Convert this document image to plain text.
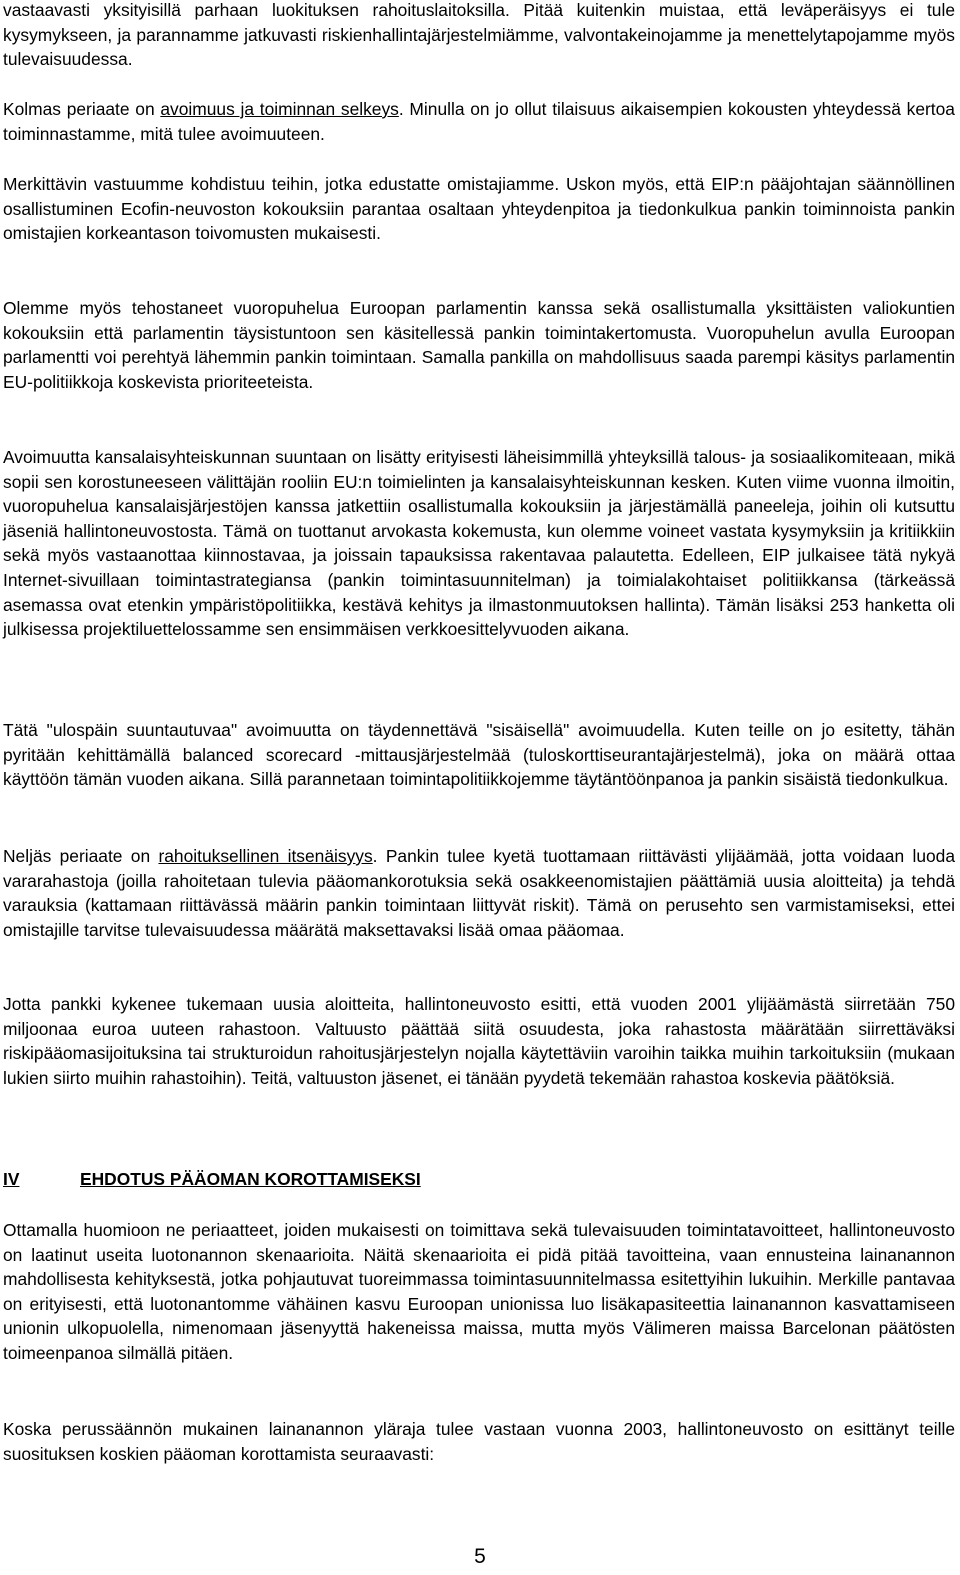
vastaavasti yksityisillä parhaan luokituksen rahoituslaitoksilla. Pitää kuitenkin muistaa, että leväperäisyys ei tule kysymykseen, ja parannamme jatkuvasti riskienhallintajärjestelmiämme, valvontakeinojamme ja menettelytapojamme myös tulevaisuudessa.

Kolmas periaate on avoimuus ja toiminnan selkeys. Minulla on jo ollut tilaisuus aikaisempien kokousten yhteydessä kertoa toiminnastamme, mitä tulee avoimuuteen.

Merkittävin vastuumme kohdistuu teihin, jotka edustatte omistajiamme. Uskon myös, että EIP:n pääjohtajan säännöllinen osallistuminen Ecofin-neuvoston kokouksiin parantaa osaltaan yhteydenpitoa ja tiedonkulkua pankin toiminnoista pankin omistajien korkeantason toivomusten mukaisesti.

Olemme myös tehostaneet vuoropuhelua Euroopan parlamentin kanssa sekä osallistumalla yksittäisten valiokuntien kokouksiin että parlamentin täysistuntoon sen käsitellessä pankin toimintakertomusta. Vuoropuhelun avulla Euroopan parlamentti voi perehtyä lähemmin pankin toimintaan. Samalla pankilla on mahdollisuus saada parempi käsitys parlamentin EU-politiikkoja koskevista prioriteeteista.

Avoimuutta kansalaisyhteiskunnan suuntaan on lisätty erityisesti läheisimmillä yhteyksillä talous- ja sosiaalikomiteaan, mikä sopii sen korostuneeseen välittäjän rooliin EU:n toimielinten ja kansalaisyhteiskunnan kesken. Kuten viime vuonna ilmoitin, vuoropuhelua kansalaisjärjestöjen kanssa jatkettiin osallistumalla kokouksiin ja järjestämällä paneeleja, joihin oli kutsuttu jäseniä hallintoneuvostosta. Tämä on tuottanut arvokasta kokemusta, kun olemme voineet vastata kysymyksiin ja kritiikkiin sekä myös vastaanottaa kiinnostavaa, ja joissain tapauksissa rakentavaa palautetta. Edelleen, EIP julkaisee tätä nykyä Internet-sivuillaan toimintastrategiansa (pankin toimintasuunnitelman) ja toimialakohtaiset politiikkansa (tärkeässä asemassa ovat etenkin ympäristöpolitiikka, kestävä kehitys ja ilmastonmuutoksen hallinta). Tämän lisäksi 253 hanketta oli julkisessa projektiluettelossamme sen ensimmäisen verkkoesittelyvuoden aikana.

Tätä "ulospäin suuntautuvaa" avoimuutta on täydennettävä "sisäisellä" avoimuudella. Kuten teille on jo esitetty, tähän pyritään kehittämällä balanced scorecard -mittausjärjestelmää (tuloskorttiseurantajärjestelmä), joka on määrä ottaa käyttöön tämän vuoden aikana. Sillä parannetaan toimintapolitiikkojemme täytäntöönpanoa ja pankin sisäistä tiedonkulkua.

Neljäs periaate on rahoituksellinen itsenäisyys. Pankin tulee kyetä tuottamaan riittävästi ylijäämää, jotta voidaan luoda vararahastoja (joilla rahoitetaan tulevia pääomankorotuksia sekä osakkeenomistajien päättämiä uusia aloitteita) ja tehdä varauksia (kattamaan riittävässä määrin pankin toimintaan liittyvät riskit). Tämä on perusehto sen varmistamiseksi, ettei omistajille tarvitse tulevaisuudessa määrätä maksettavaksi lisää omaa pääomaa.

Jotta pankki kykenee tukemaan uusia aloitteita, hallintoneuvosto esitti, että vuoden 2001 ylijäämästä siirretään 750 miljoonaa euroa uuteen rahastoon. Valtuusto päättää siitä osuudesta, joka rahastosta määrätään siirrettäväksi riskipääomasijoituksina tai strukturoidun rahoitusjärjestelyn nojalla käytettäviin varoihin taikka muihin tarkoituksiin (mukaan lukien siirto muihin rahastoihin). Teitä, valtuuston jäsenet, ei tänään pyydetä tekemään rahastoa koskevia päätöksiä.

IV	EHDOTUS PÄÄOMAN KOROTTAMISEKSI

Ottamalla huomioon ne periaatteet, joiden mukaisesti on toimittava sekä tulevaisuuden toimintatavoitteet, hallintoneuvosto on laatinut useita luotonannon skenaarioita. Näitä skenaarioita ei pidä pitää tavoitteina, vaan ennusteina lainanannon mahdollisesta kehityksestä, jotka pohjautuvat tuoreimmassa toimintasuunnitelmassa esitettyihin lukuihin. Merkille pantavaa on erityisesti, että luotonantomme vähäinen kasvu Euroopan unionissa luo lisäkapasiteettia lainanannon kasvattamiseen unionin ulkopuolella, nimenomaan jäsenyyttä hakeneissa maissa, mutta myös Välimeren maissa Barcelonan päätösten toimeenpanoa silmällä pitäen.

Koska perussäännön mukainen lainanannon yläraja tulee vastaan vuonna 2003, hallintoneuvosto on esittänyt teille suosituksen koskien pääoman korottamista seuraavasti:

5
